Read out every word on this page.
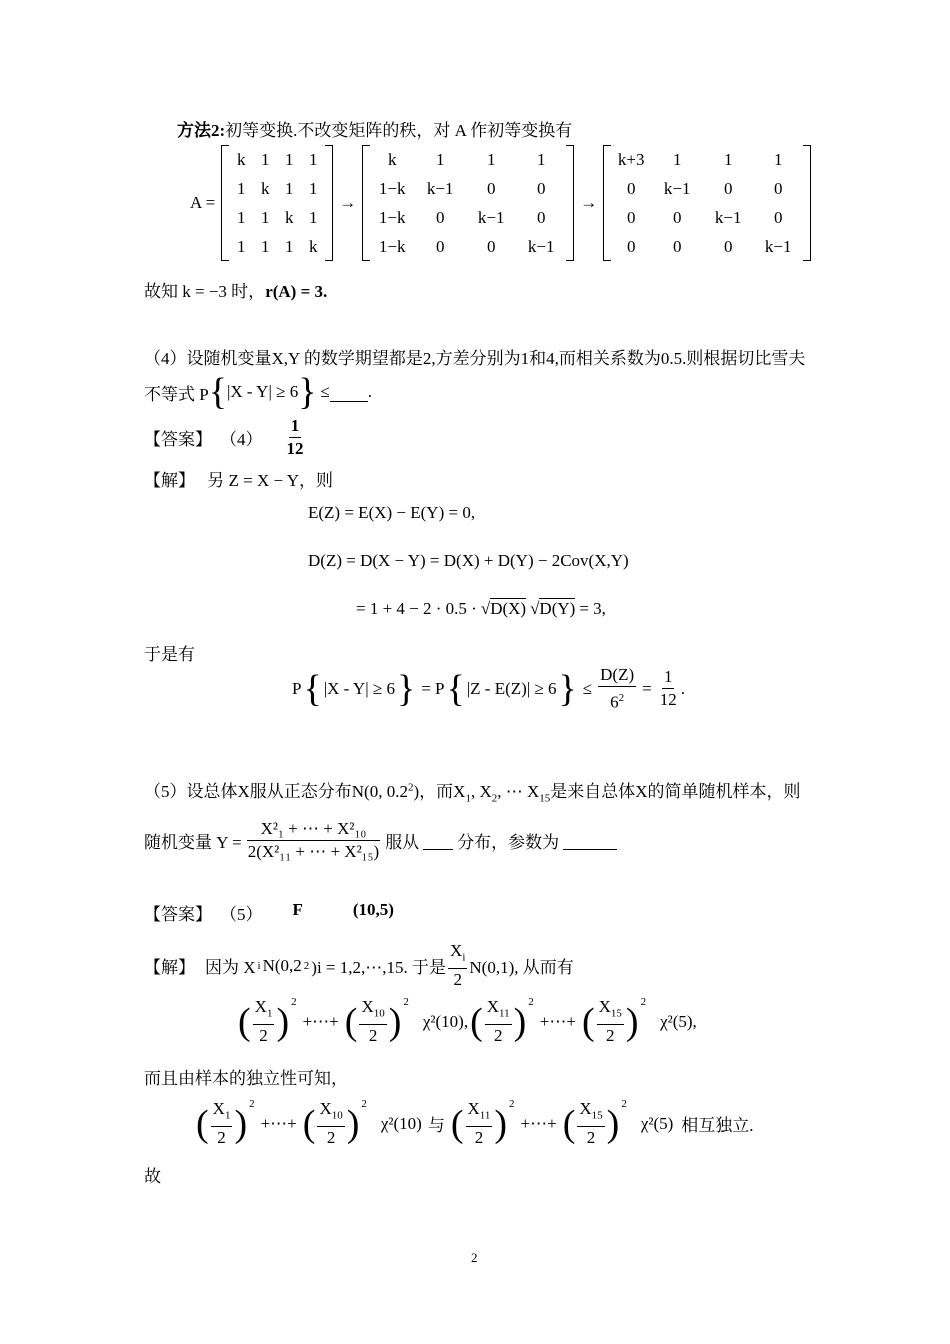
方法2:初等变换.不改变矩阵的秩，对 A 作初等变换有
A =
k 1 1 1
1 k 1 1
1 1 k 1
1 1 1 k
→
k	1	1	1
1−k	k−1	0	0
1−k	0	k−1	0
1−k	0	0	k−1
→
k+3	1	1	1
0	k−1	0	0
0	0	k−1	0
0	0	0	k−1
故知 k = −3 时，r(A) = 3.
（4）设随机变量X,Y 的数学期望都是2,方差分别为1和4,而相关系数为0.5.则根据切比雪夫
不等式 P { |X - Y| ≥ 6 } ≤ .
【答案】 $(4) \frac{1}{12}$
【解】 另 Z = X − Y，则
E(Z) = E(X) − E(Y) = 0,
D(Z) = D(X − Y) = D(X) + D(Y) − 2Cov(X,Y)
= 1 + 4 − 2 · 0.5 · √D(X) √D(Y) = 3,
于是有
P { |X - Y| ≥ 6 } = P { |Z - E(Z)| ≥ 6 } ≤ $\frac{D(Z)}{6^2} = \frac{1}{12}$ .
（5）设总体X服从正态分布N(0, $0.2^2$)，而$X_1$, $X_2$, ⋯ $X_{15}$是来自总体X的简单随机样本，则
随机变量 $Y = \frac{\text{X²₁ + ⋯ + X²₁₀}}{\text{2(X²₁₁ + ⋯ + X²₁₅)}}$ 服从 分布，参数为
【答案】 （5） F	(10,5)
【解】 因为 X i N(0,2 2 )i = 1,2,⋯,15. 于是 $\frac{X_i}{2} N(0,1)$, 从而有
( $\frac{X_1}{2} )^2$
+⋯+ ( $\frac{X_{10}}{2} )^2$
χ²(10), ( $\frac{X_{11}}{2} )^2$
+⋯+ ( $\frac{X_{15}}{2} )^2$
χ²(5),
而且由样本的独立性可知，
( $\frac{X_1}{2} )^2$
+⋯+ ( $\frac{X_{10}}{2} )^2$
χ²(10) 与 ( $\frac{X_{11}}{2} )^2$
+⋯+ ( $\frac{X_{15}}{2} )^2$
χ²(5) 相互独立.
故
2
